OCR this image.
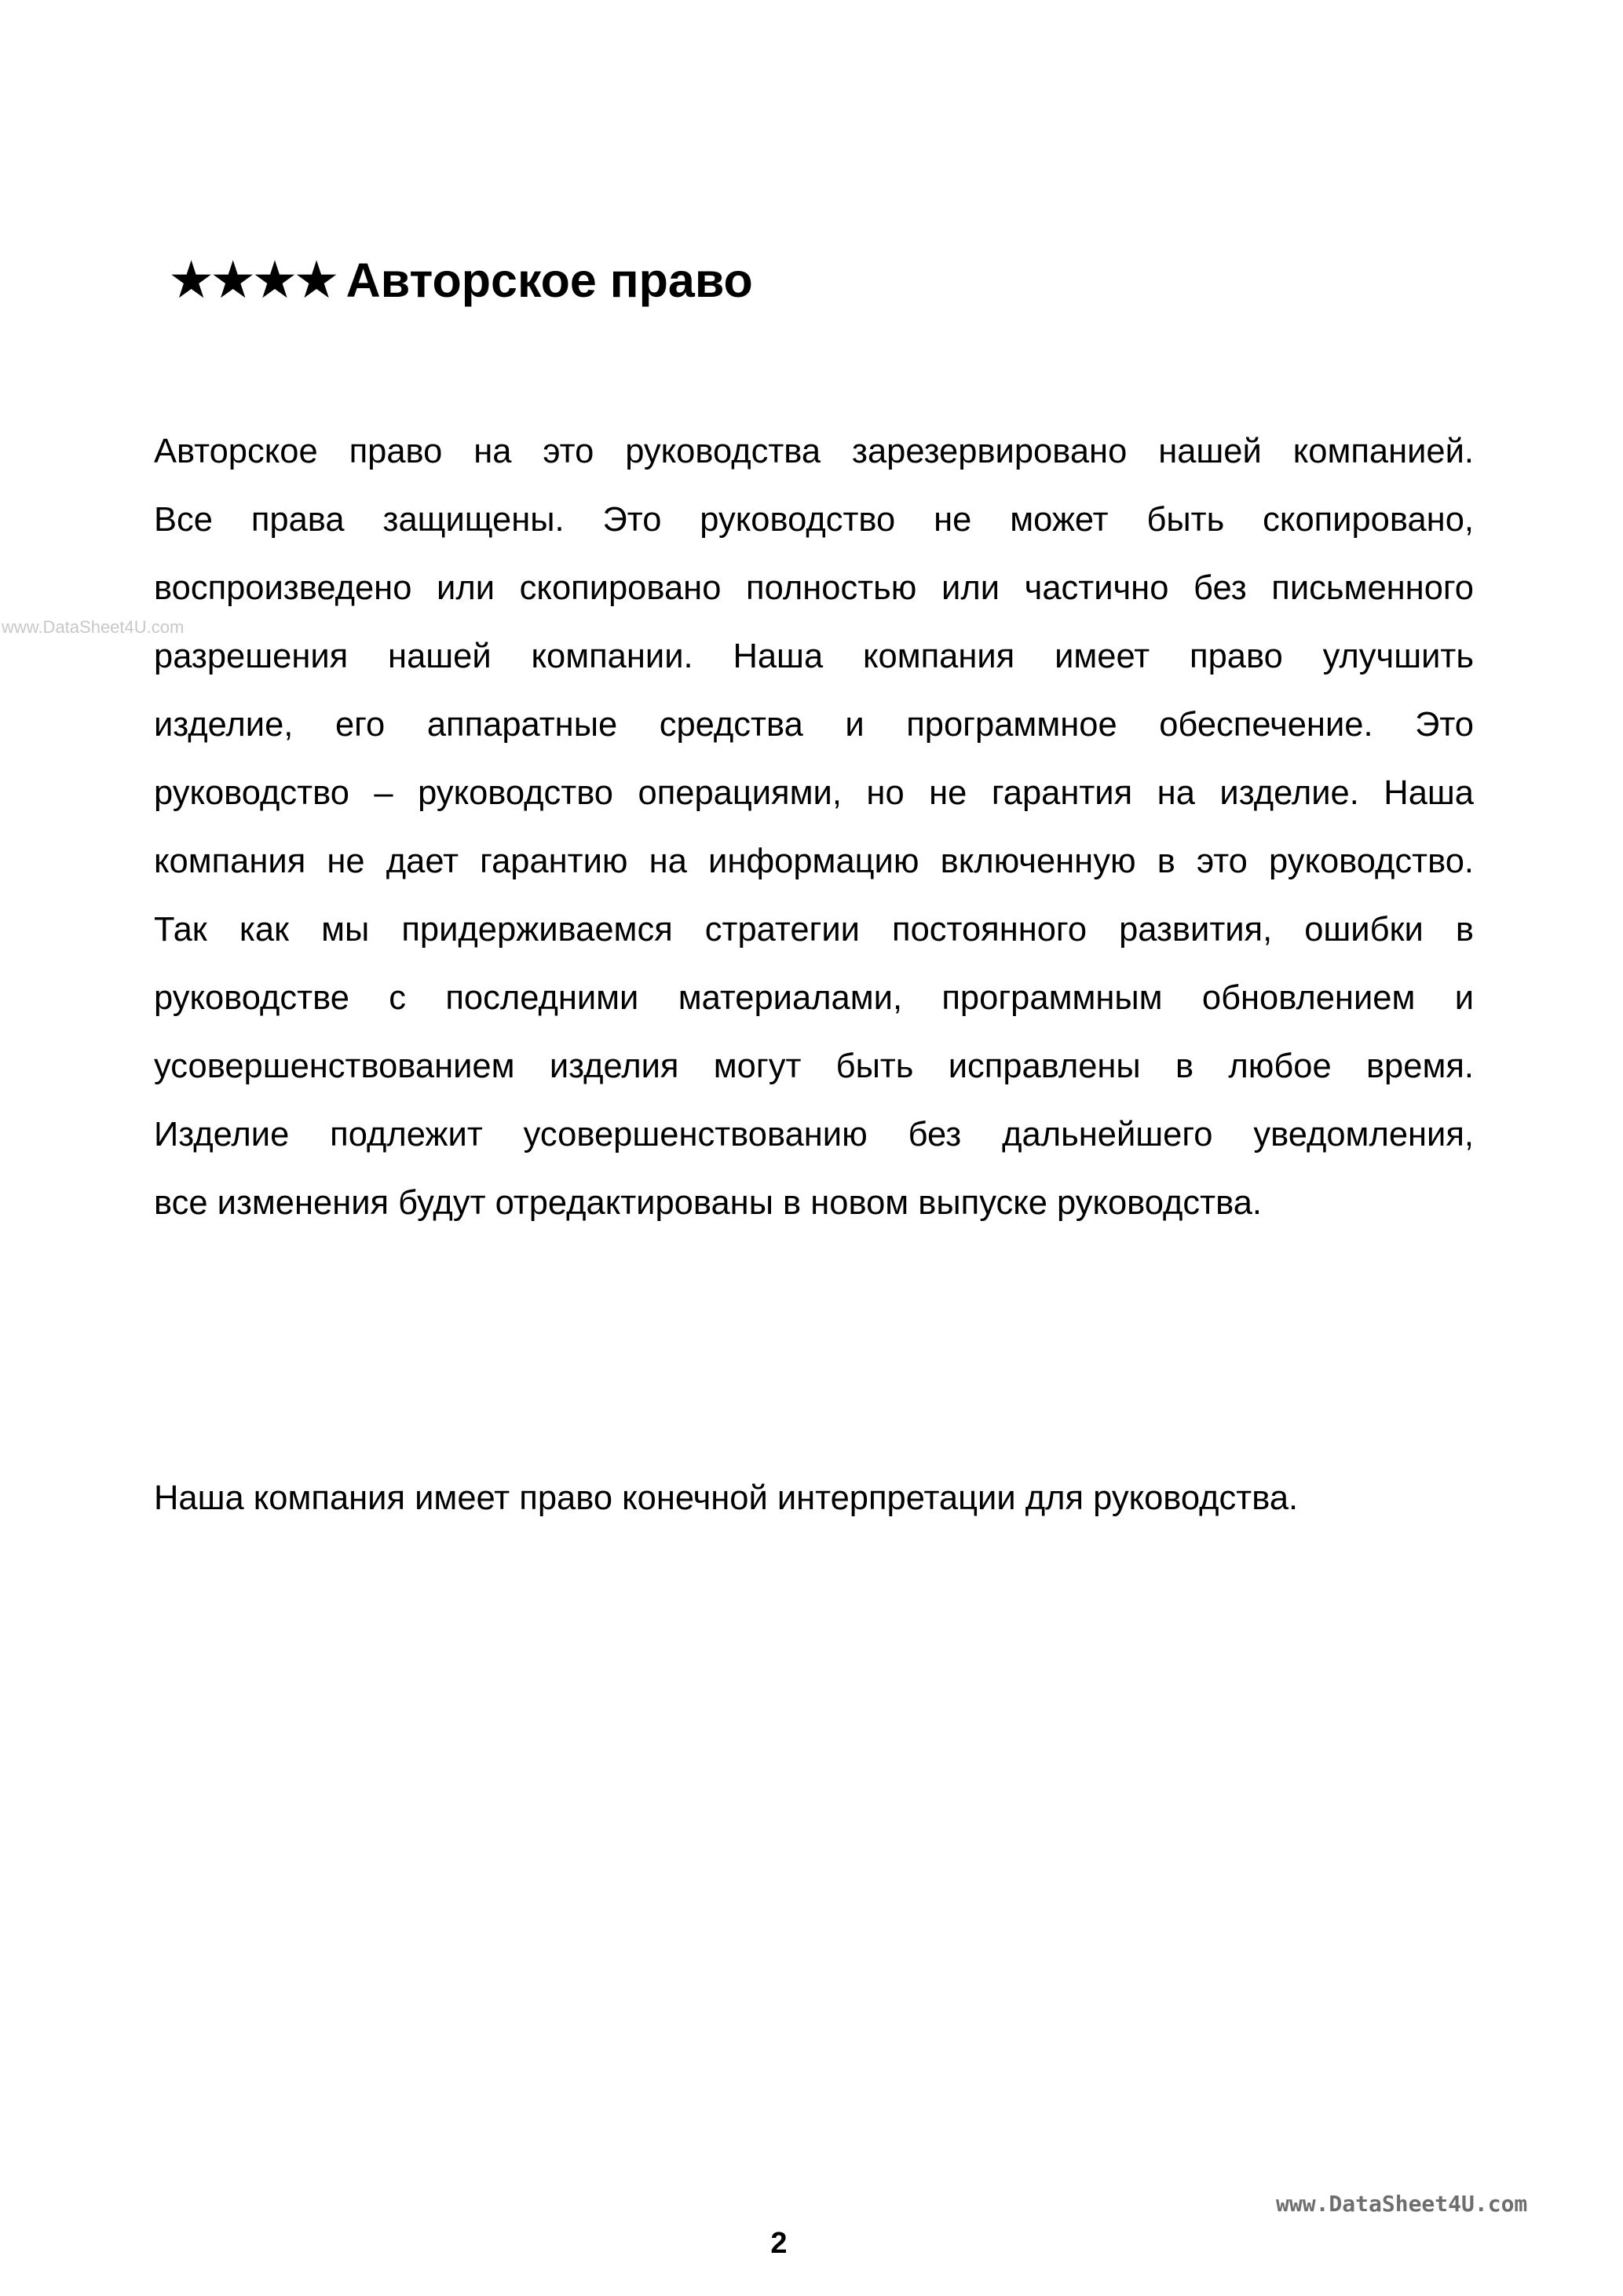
★★★★ Авторское право
www.DataSheet4U.com
Авторское право на это руководства зарезервировано нашей компанией.
Все права защищены. Это руководство не может быть скопировано,
воспроизведено или скопировано полностью или частично без письменного
разрешения нашей компании. Наша компания имеет право улучшить
изделие, его аппаратные средства и программное обеспечение. Это
руководство – руководство операциями, но не гарантия на изделие. Наша
компания не дает гарантию на информацию включенную в это руководство.
Так как мы придерживаемся стратегии постоянного развития, ошибки в
руководстве с последними материалами, программным обновлением и
усовершенствованием изделия могут быть исправлены в любое время.
Изделие подлежит усовершенствованию без дальнейшего уведомления,
все изменения будут отредактированы в новом выпуске руководства.
Наша компания имеет право конечной интерпретации для руководства.
www.DataSheet4U.com
2
